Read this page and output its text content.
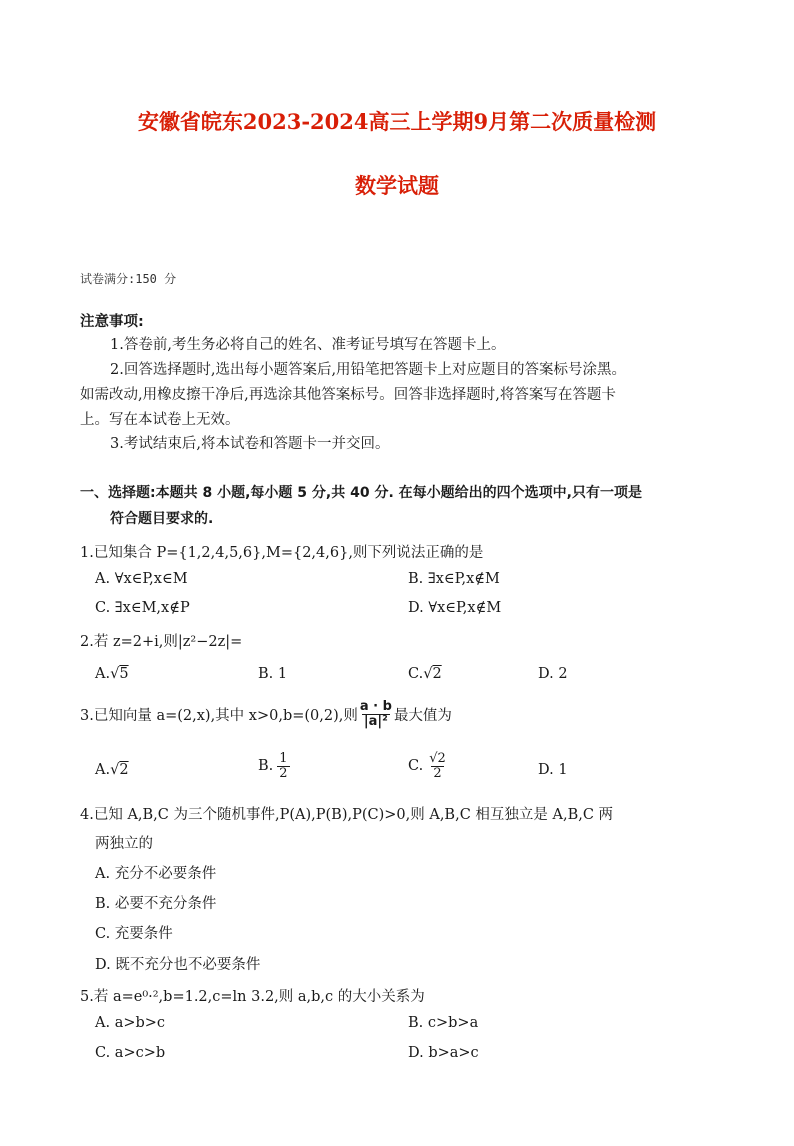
安徽省皖东2023-2024高三上学期9月第二次质量检测
数学试题
试卷满分:150 分
注意事项:
1.答卷前,考生务必将自己的姓名、准考证号填写在答题卡上。
2.回答选择题时,选出每小题答案后,用铅笔把答题卡上对应题目的答案标号涂黑。
如需改动,用橡皮擦干净后,再选涂其他答案标号。回答非选择题时,将答案写在答题卡
上。写在本试卷上无效。
3.考试结束后,将本试卷和答题卡一并交回。
一、选择题:本题共 8 小题,每小题 5 分,共 40 分. 在每小题给出的四个选项中,只有一项是
符合题目要求的.
1.已知集合 P={1,2,4,5,6},M={2,4,6},则下列说法正确的是
A. ∀x∈P,x∈M	B. ∃x∈P,x∉M
C. ∃x∈M,x∉P	D. ∀x∈P,x∉M
2.若 z=2+i,则|z²−2z|=
A.√5	B. 1	C.√2	D. 2
3.已知向量 a=(2,x),其中 x>0,b=(0,2),则 $\frac{a \cdot b}{\text{|a|²}}$ 最大值为
A.√2	B. $\frac{1}{2}$	C. $\frac{√2}{2}$	D. 1
4.已知 A,B,C 为三个随机事件,P(A),P(B),P(C)>0,则 A,B,C 相互独立是 A,B,C 两
两独立的
A. 充分不必要条件
B. 必要不充分条件
C. 充要条件
D. 既不充分也不必要条件
5.若 a=e⁰·²,b=1.2,c=ln 3.2,则 a,b,c 的大小关系为
A. a>b>c	B. c>b>a
C. a>c>b	D. b>a>c
